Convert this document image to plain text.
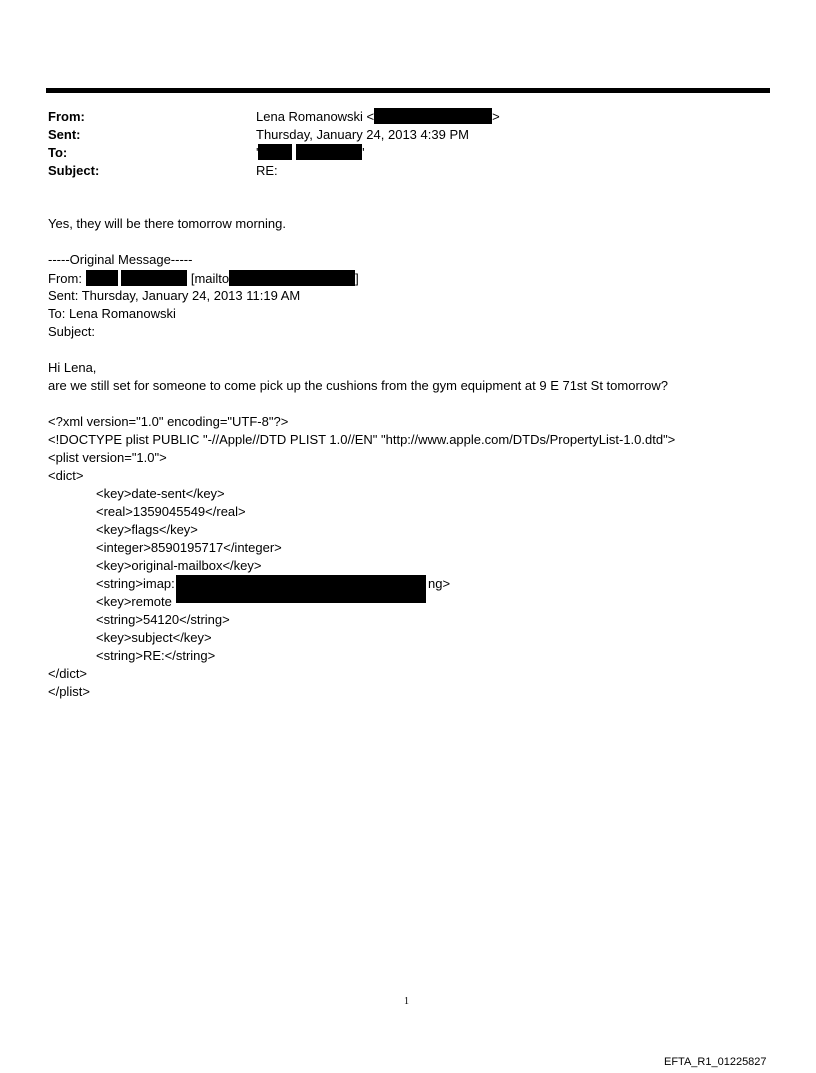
From:	Lena Romanowski <	>
Sent:	Thursday, January 24, 2013 4:39 PM
To:	'	'
Subject:	RE:
Yes, they will be there tomorrow morning.
-----Original Message-----
From:	[mailto	]
Sent: Thursday, January 24, 2013 11:19 AM
To: Lena Romanowski
Subject:
Hi Lena,
are we still set for someone to come pick up the cushions from the gym equipment at 9 E 71st St tomorrow?
<?xml version="1.0" encoding="UTF-8"?>
<!DOCTYPE plist PUBLIC "-//Apple//DTD PLIST 1.0//EN" "http://www.apple.com/DTDs/PropertyList-1.0.dtd">
<plist version="1.0">
<dict>
<key>date-sent</key>
<real>1359045549</real>
<key>flags</key>
<integer>8590195717</integer>
<key>original-mailbox</key>
<string>imap:	ng>
<key>remote
<string>54120</string>
<key>subject</key>
<string>RE:</string>
</dict>
</plist>
1
EFTA_R1_01225827
